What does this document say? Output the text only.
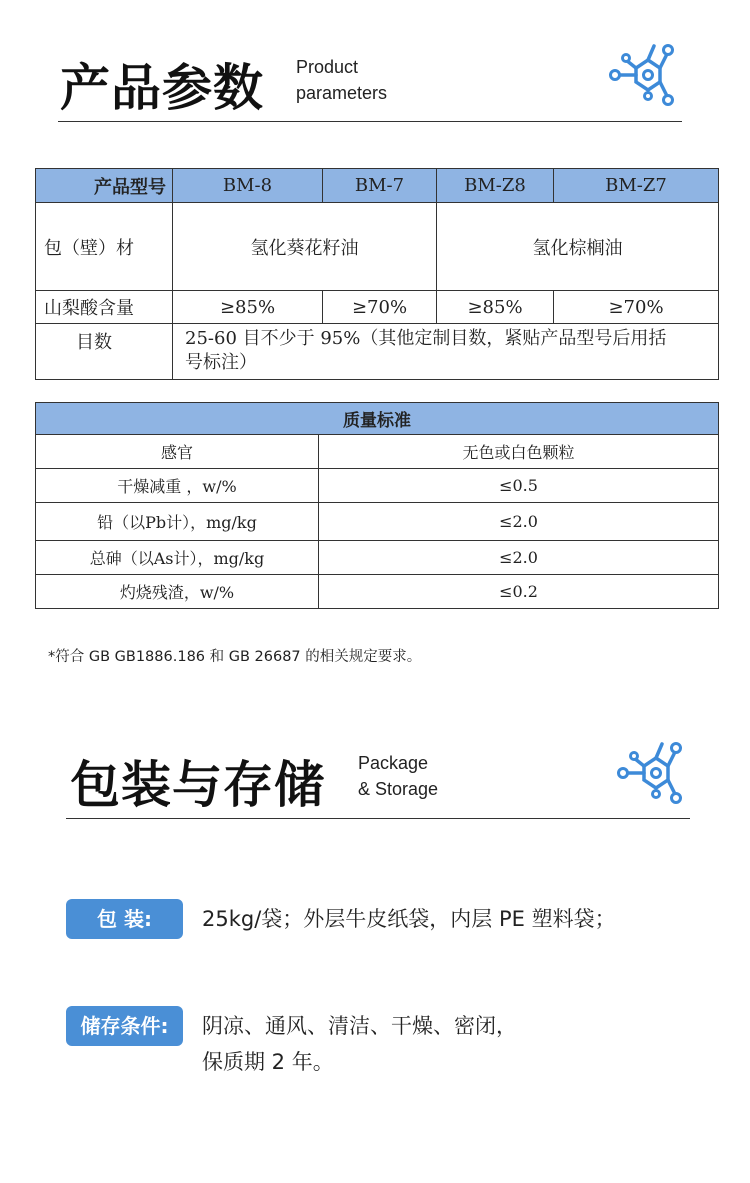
产品参数 Product
parameters
产品型号	BM-8	BM-7	BM-Z8	BM-Z7
包（壁）材	氢化葵花籽油		氢化棕榈油	
山梨酸含量	≥85%	≥70%	≥85%	≥70%
目数	25-60 目不少于 95%（其他定制目数，紧贴产品型号后用括
号标注）			
质量标准	
感官	无色或白色颗粒
干燥减重 ，w/%	≤0.5
铅（以Pb计），mg/kg	≤2.0
总砷（以As计），mg/kg	≤2.0
灼烧残渣，w/%	≤0.2
*符合 GB GB1886.186 和 GB 26687 的相关规定要求。
包装与存储 Package
& Storage
包 装:	25kg/袋；外层牛皮纸袋，内层 PE 塑料袋；
储存条件:	阴凉、通风、清洁、干燥、密闭，
保质期 2 年。
